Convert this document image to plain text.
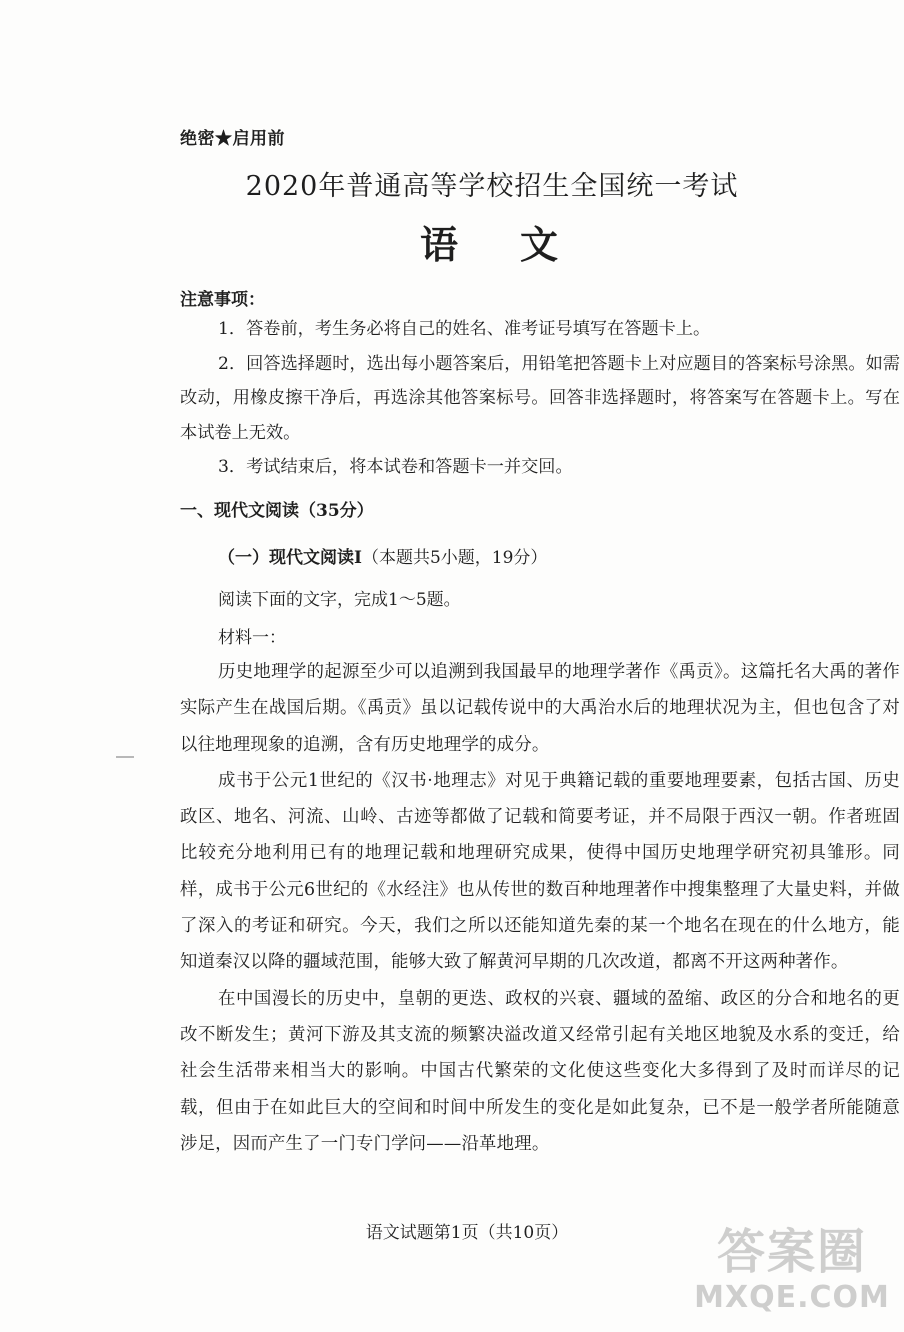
绝密★启用前
2020年普通高等学校招生全国统一考试
语文
注意事项：

1．答卷前，考生务必将自己的姓名、准考证号填写在答题卡上。

2．回答选择题时，选出每小题答案后，用铅笔把答题卡上对应题目的答案标号涂黑。如需改动，用橡皮擦干净后，再选涂其他答案标号。回答非选择题时，将答案写在答题卡上。写在本试卷上无效。

3．考试结束后，将本试卷和答题卡一并交回。

一、现代文阅读（35分）
（一）现代文阅读Ⅰ（本题共5小题，19分）
阅读下面的文字，完成1～5题。
材料一：

历史地理学的起源至少可以追溯到我国最早的地理学著作《禹贡》。这篇托名大禹的著作实际产生在战国后期。《禹贡》虽以记载传说中的大禹治水后的地理状况为主，但也包含了对以往地理现象的追溯，含有历史地理学的成分。

成书于公元1世纪的《汉书·地理志》对见于典籍记载的重要地理要素，包括古国、历史政区、地名、河流、山岭、古迹等都做了记载和简要考证，并不局限于西汉一朝。作者班固比较充分地利用已有的地理记载和地理研究成果，使得中国历史地理学研究初具雏形。同样，成书于公元6世纪的《水经注》也从传世的数百种地理著作中搜集整理了大量史料，并做了深入的考证和研究。今天，我们之所以还能知道先秦的某一个地名在现在的什么地方，能知道秦汉以降的疆域范围，能够大致了解黄河早期的几次改道，都离不开这两种著作。

在中国漫长的历史中，皇朝的更迭、政权的兴衰、疆域的盈缩、政区的分合和地名的更改不断发生；黄河下游及其支流的频繁决溢改道又经常引起有关地区地貌及水系的变迁，给社会生活带来相当大的影响。中国古代繁荣的文化使这些变化大多得到了及时而详尽的记载，但由于在如此巨大的空间和时间中所发生的变化是如此复杂，已不是一般学者所能随意涉足，因而产生了一门专门学问——沿革地理。

语文试题第1页（共10页）	答案圈
MXQE.COM
